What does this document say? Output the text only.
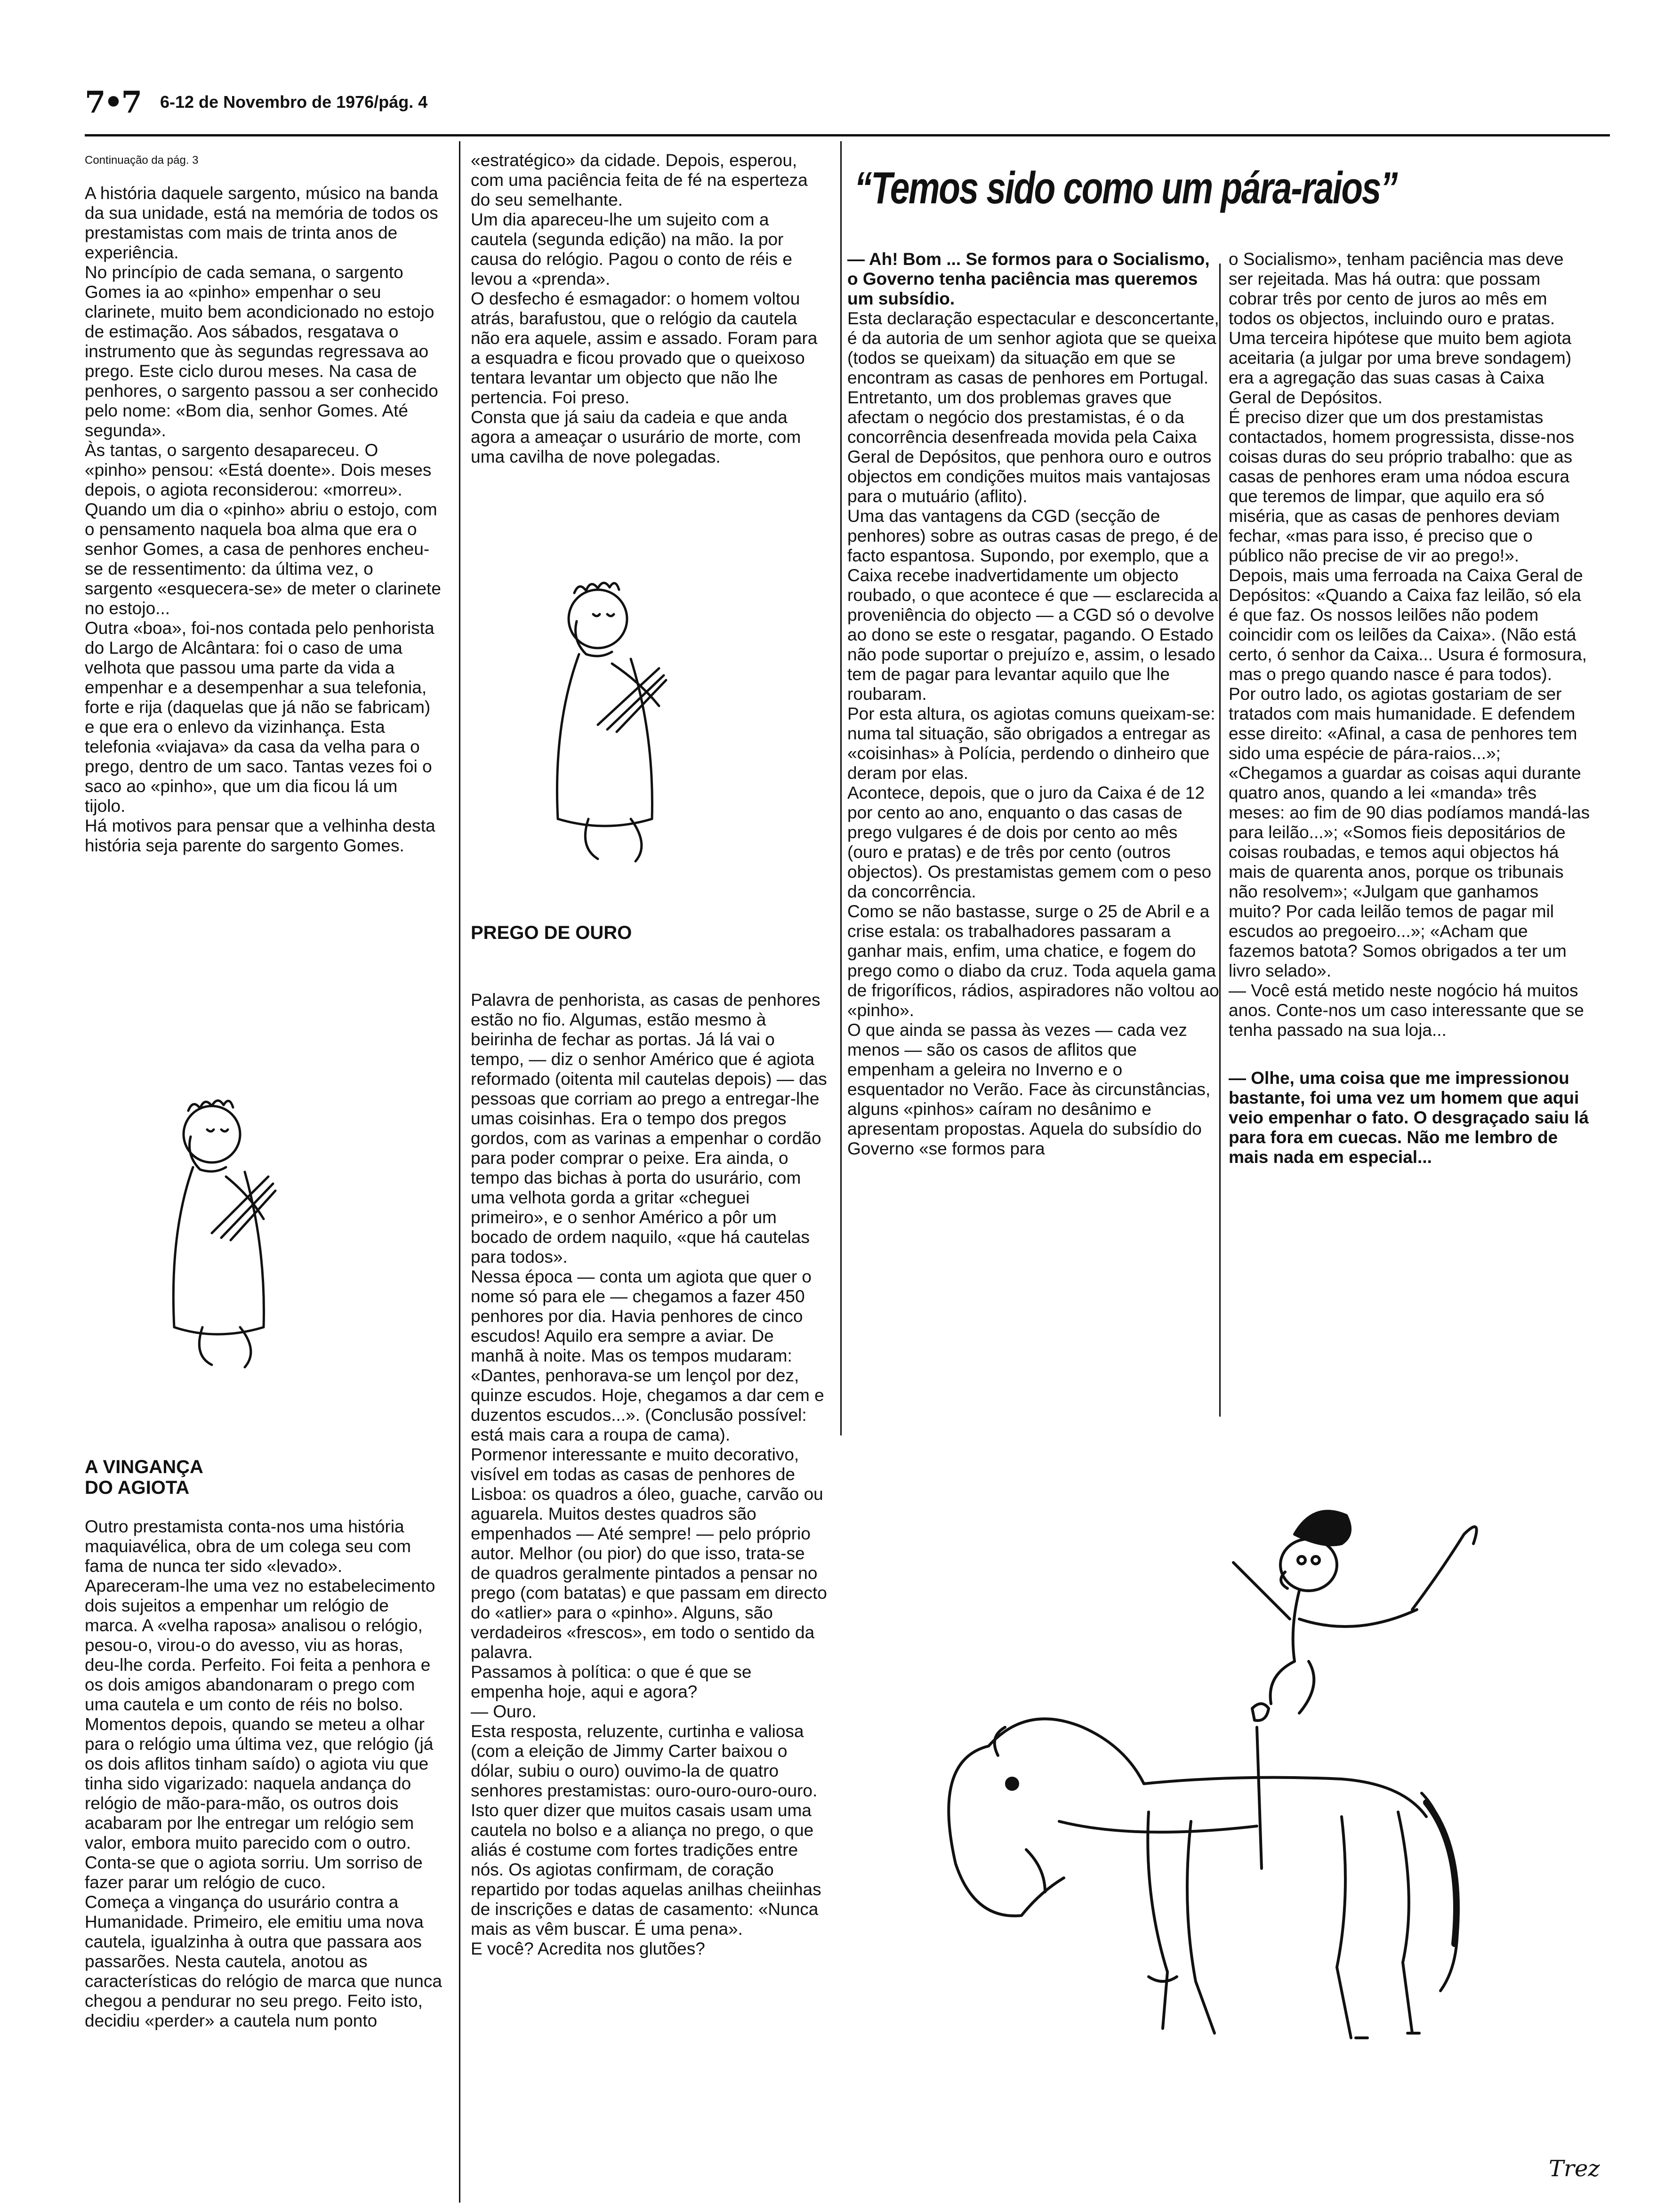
7•7 6-12 de Novembro de 1976/pág. 4

Continuação da pág. 3

A história daquele sargento, músico na banda da sua unidade, está na memória de todos os prestamistas com mais de trinta anos de experiência.

No princípio de cada semana, o sargento Gomes ia ao «pinho» empenhar o seu clarinete, muito bem acondicionado no estojo de estimação. Aos sábados, resgatava o instrumento que às segundas regressava ao prego. Este ciclo durou meses. Na casa de penhores, o sargento passou a ser conhecido pelo nome: «Bom dia, senhor Gomes. Até segunda».

Às tantas, o sargento desapareceu. O «pinho» pensou: «Está doente». Dois meses depois, o agiota reconsiderou: «morreu». Quando um dia o «pinho» abriu o estojo, com o pensamento naquela boa alma que era o senhor Gomes, a casa de penhores encheu-se de ressentimento: da última vez, o sargento «esquecera-se» de meter o clarinete no estojo...

Outra «boa», foi-nos contada pelo penhorista do Largo de Alcântara: foi o caso de uma velhota que passou uma parte da vida a empenhar e a desempenhar a sua telefonia, forte e rija (daquelas que já não se fabricam) e que era o enlevo da vizinhança. Esta telefonia «viajava» da casa da velha para o prego, dentro de um saco. Tantas vezes foi o saco ao «pinho», que um dia ficou lá um tijolo.

Há motivos para pensar que a velhinha desta história seja parente do sargento Gomes.

A VINGANÇA DO AGIOTA

Outro prestamista conta-nos uma história maquiavélica, obra de um colega seu com fama de nunca ter sido «levado».

Apareceram-lhe uma vez no estabelecimento dois sujeitos a empenhar um relógio de marca. A «velha raposa» analisou o relógio, pesou-o, virou-o do avesso, viu as horas, deu-lhe corda. Perfeito. Foi feita a penhora e os dois amigos abandonaram o prego com uma cautela e um conto de réis no bolso.

Momentos depois, quando se meteu a olhar para o relógio uma última vez, que relógio (já os dois aflitos tinham saído) o agiota viu que tinha sido vigarizado: naquela andança do relógio de mão-para-mão, os outros dois acabaram por lhe entregar um relógio sem valor, embora muito parecido com o outro.

Conta-se que o agiota sorriu. Um sorriso de fazer parar um relógio de cuco.

Começa a vingança do usurário contra a Humanidade. Primeiro, ele emitiu uma nova cautela, igualzinha à outra que passara aos passarões. Nesta cautela, anotou as características do relógio de marca que nunca chegou a pendurar no seu prego. Feito isto, decidiu «perder» a cautela num ponto

«estratégico» da cidade. Depois, esperou, com uma paciência feita de fé na esperteza do seu semelhante.

Um dia apareceu-lhe um sujeito com a cautela (segunda edição) na mão. Ia por causa do relógio. Pagou o conto de réis e levou a «prenda».

O desfecho é esmagador: o homem voltou atrás, barafustou, que o relógio da cautela não era aquele, assim e assado. Foram para a esquadra e ficou provado que o queixoso tentara levantar um objecto que não lhe pertencia. Foi preso.

Consta que já saiu da cadeia e que anda agora a ameaçar o usurário de morte, com uma cavilha de nove polegadas.

PREGO DE OURO

Palavra de penhorista, as casas de penhores estão no fio. Algumas, estão mesmo à beirinha de fechar as portas. Já lá vai o tempo, — diz o senhor Américo que é agiota reformado (oitenta mil cautelas depois) — das pessoas que corriam ao prego a entregar-lhe umas coisinhas. Era o tempo dos pregos gordos, com as varinas a empenhar o cordão para poder comprar o peixe. Era ainda, o tempo das bichas à porta do usurário, com uma velhota gorda a gritar «cheguei primeiro», e o senhor Américo a pôr um bocado de ordem naquilo, «que há cautelas para todos».

Nessa época — conta um agiota que quer o nome só para ele — chegamos a fazer 450 penhores por dia. Havia penhores de cinco escudos! Aquilo era sempre a aviar. De manhã à noite. Mas os tempos mudaram: «Dantes, penhorava-se um lençol por dez, quinze escudos. Hoje, chegamos a dar cem e duzentos escudos...». (Conclusão possível: está mais cara a roupa de cama).

Pormenor interessante e muito decorativo, visível em todas as casas de penhores de Lisboa: os quadros a óleo, guache, carvão ou aguarela. Muitos destes quadros são empenhados — Até sempre! — pelo próprio autor. Melhor (ou pior) do que isso, trata-se de quadros geralmente pintados a pensar no prego (com batatas) e que passam em directo do «atlier» para o «pinho». Alguns, são verdadeiros «frescos», em todo o sentido da palavra.

Passamos à política: o que é que se empenha hoje, aqui e agora?

— Ouro.

Esta resposta, reluzente, curtinha e valiosa (com a eleição de Jimmy Carter baixou o dólar, subiu o ouro) ouvimo-la de quatro senhores prestamistas: ouro-ouro-ouro-ouro. Isto quer dizer que muitos casais usam uma cautela no bolso e a aliança no prego, o que aliás é costume com fortes tradições entre nós. Os agiotas confirmam, de coração repartido por todas aquelas anilhas cheiinhas de inscrições e datas de casamento: «Nunca mais as vêm buscar. É uma pena».

E você? Acredita nos glutões?

“Temos sido como um pára-raios”

— Ah! Bom ... Se formos para o Socialismo, o Governo tenha paciência mas queremos um subsídio.

Esta declaração espectacular e desconcertante, é da autoria de um senhor agiota que se queixa (todos se queixam) da situação em que se encontram as casas de penhores em Portugal.

Entretanto, um dos problemas graves que afectam o negócio dos prestamistas, é o da concorrência desenfreada movida pela Caixa Geral de Depósitos, que penhora ouro e outros objectos em condições muitos mais vantajosas para o mutuário (aflito).

Uma das vantagens da CGD (secção de penhores) sobre as outras casas de prego, é de facto espantosa. Supondo, por exemplo, que a Caixa recebe inadvertidamente um objecto roubado, o que acontece é que — esclarecida a proveniência do objecto — a CGD só o devolve ao dono se este o resgatar, pagando. O Estado não pode suportar o prejuízo e, assim, o lesado tem de pagar para levantar aquilo que lhe roubaram.

Por esta altura, os agiotas comuns queixam-se: numa tal situação, são obrigados a entregar as «coisinhas» à Polícia, perdendo o dinheiro que deram por elas.

Acontece, depois, que o juro da Caixa é de 12 por cento ao ano, enquanto o das casas de prego vulgares é de dois por cento ao mês (ouro e pratas) e de três por cento (outros objectos). Os prestamistas gemem com o peso da concorrência.

Como se não bastasse, surge o 25 de Abril e a crise estala: os trabalhadores passaram a ganhar mais, enfim, uma chatice, e fogem do prego como o diabo da cruz. Toda aquela gama de frigoríficos, rádios, aspiradores não voltou ao «pinho».

O que ainda se passa às vezes — cada vez menos — são os casos de aflitos que empenham a geleira no Inverno e o esquentador no Verão. Face às circunstâncias, alguns «pinhos» caíram no desânimo e apresentam propostas. Aquela do subsídio do Governo «se formos para

o Socialismo», tenham paciência mas deve ser rejeitada. Mas há outra: que possam cobrar três por cento de juros ao mês em todos os objectos, incluindo ouro e pratas. Uma terceira hipótese que muito bem agiota aceitaria (a julgar por uma breve sondagem) era a agregação das suas casas à Caixa Geral de Depósitos.

É preciso dizer que um dos prestamistas contactados, homem progressista, disse-nos coisas duras do seu próprio trabalho: que as casas de penhores eram uma nódoa escura que teremos de limpar, que aquilo era só miséria, que as casas de penhores deviam fechar, «mas para isso, é preciso que o público não precise de vir ao prego!».

Depois, mais uma ferroada na Caixa Geral de Depósitos: «Quando a Caixa faz leilão, só ela é que faz. Os nossos leilões não podem coincidir com os leilões da Caixa». (Não está certo, ó senhor da Caixa... Usura é formosura, mas o prego quando nasce é para todos).

Por outro lado, os agiotas gostariam de ser tratados com mais humanidade. E defendem esse direito: «Afinal, a casa de penhores tem sido uma espécie de pára-raios...»; «Chegamos a guardar as coisas aqui durante quatro anos, quando a lei «manda» três meses: ao fim de 90 dias podíamos mandá-las para leilão...»; «Somos fieis depositários de coisas roubadas, e temos aqui objectos há mais de quarenta anos, porque os tribunais não resolvem»; «Julgam que ganhamos muito? Por cada leilão temos de pagar mil escudos ao pregoeiro...»; «Acham que fazemos batota? Somos obrigados a ter um livro selado».

— Você está metido neste nogócio há muitos anos. Conte-nos um caso interessante que se tenha passado na sua loja...

— Olhe, uma coisa que me impressionou bastante, foi uma vez um homem que aqui veio empenhar o fato. O desgraçado saiu lá para fora em cuecas. Não me lembro de mais nada em especial...

Trez
